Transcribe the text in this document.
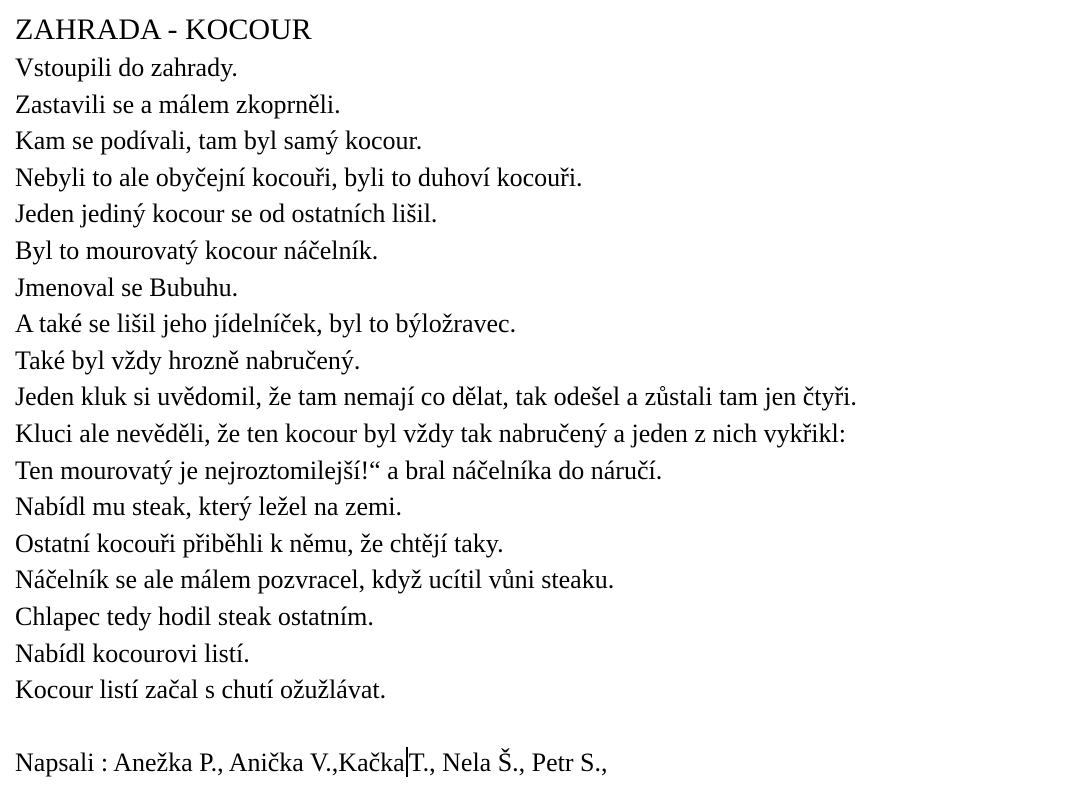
ZAHRADA - KOCOUR
Vstoupili do zahrady.
Zastavili se a málem zkoprněli.
Kam se podívali, tam byl samý kocour.
Nebyli to ale obyčejní kocouři, byli to duhoví kocouři.
Jeden jediný kocour se od ostatních lišil.
Byl to mourovatý kocour náčelník.
Jmenoval se Bubuhu.
A také se lišil jeho jídelníček, byl to býložravec.
Také byl vždy hrozně nabručený.
Jeden kluk si uvědomil, že tam nemají co dělat, tak odešel a zůstali tam jen čtyři.
Kluci ale nevěděli, že ten kocour byl vždy tak nabručený a jeden z nich vykřikl:
Ten mourovatý je nejroztomilejší!“ a bral náčelníka do náručí.
Nabídl mu steak, který ležel na zemi.
Ostatní kocouři přiběhli k němu, že chtějí taky.
Náčelník se ale málem pozvracel, když ucítil vůni steaku.
Chlapec tedy hodil steak ostatním.
Nabídl kocourovi listí.
Kocour listí začal s chutí ožužlávat.
Napsali : Anežka P., Anička V.,Kačka T., Nela Š., Petr S.,
